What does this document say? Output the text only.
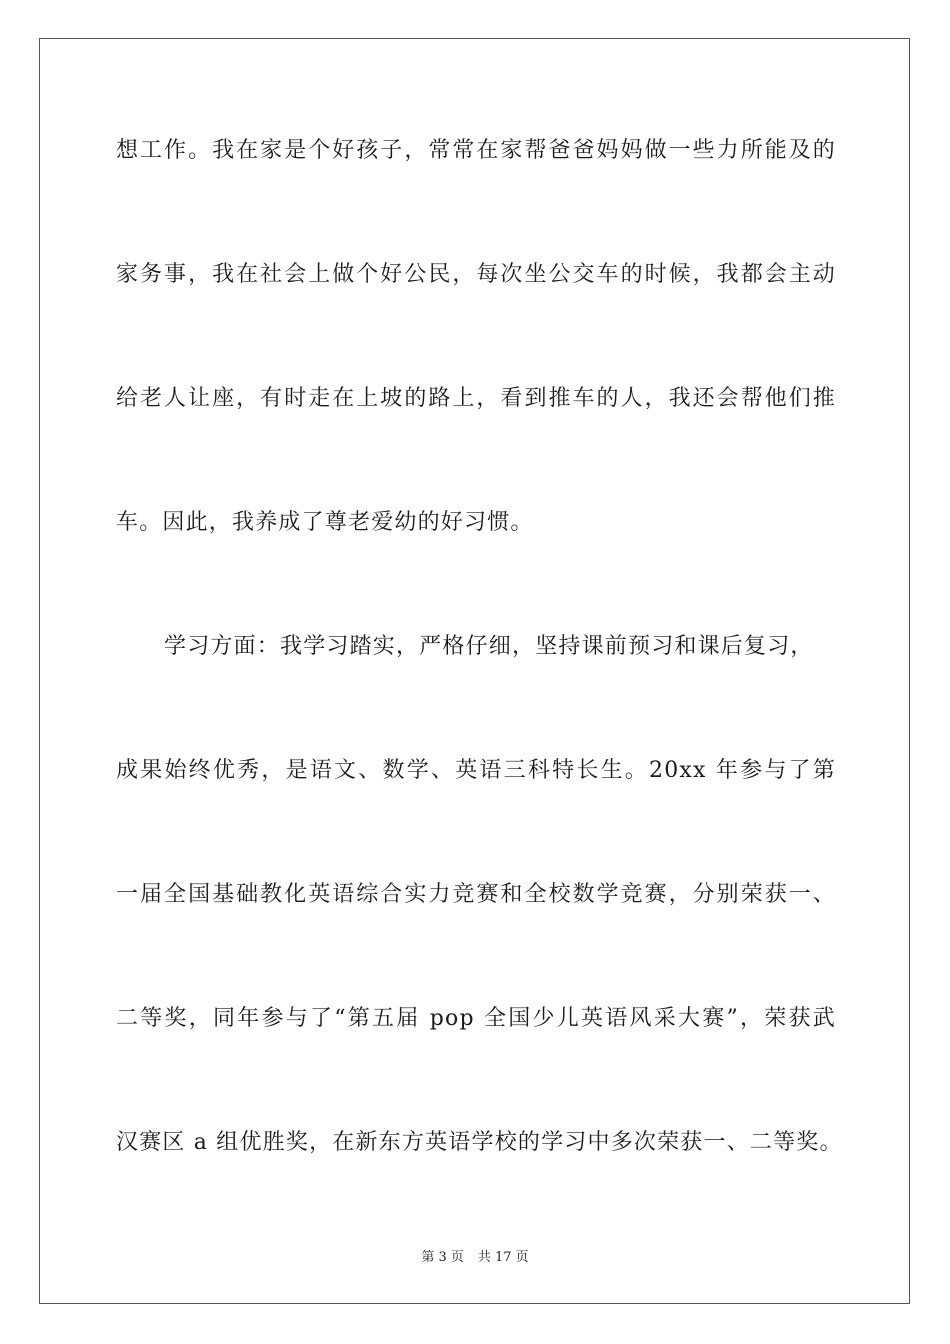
想工作。我在家是个好孩子，常常在家帮爸爸妈妈做一些力所能及的
家务事，我在社会上做个好公民，每次坐公交车的时候，我都会主动
给老人让座，有时走在上坡的路上，看到推车的人，我还会帮他们推
车。因此，我养成了尊老爱幼的好习惯。
学习方面：我学习踏实，严格仔细，坚持课前预习和课后复习，
成果始终优秀，是语文、数学、英语三科特长生。20xx 年参与了第
一届全国基础教化英语综合实力竞赛和全校数学竞赛，分别荣获一、
二等奖，同年参与了“第五届 pop 全国少儿英语风采大赛”，荣获武
汉赛区 a 组优胜奖，在新东方英语学校的学习中多次荣获一、二等奖。
第 3 页 共 17 页
